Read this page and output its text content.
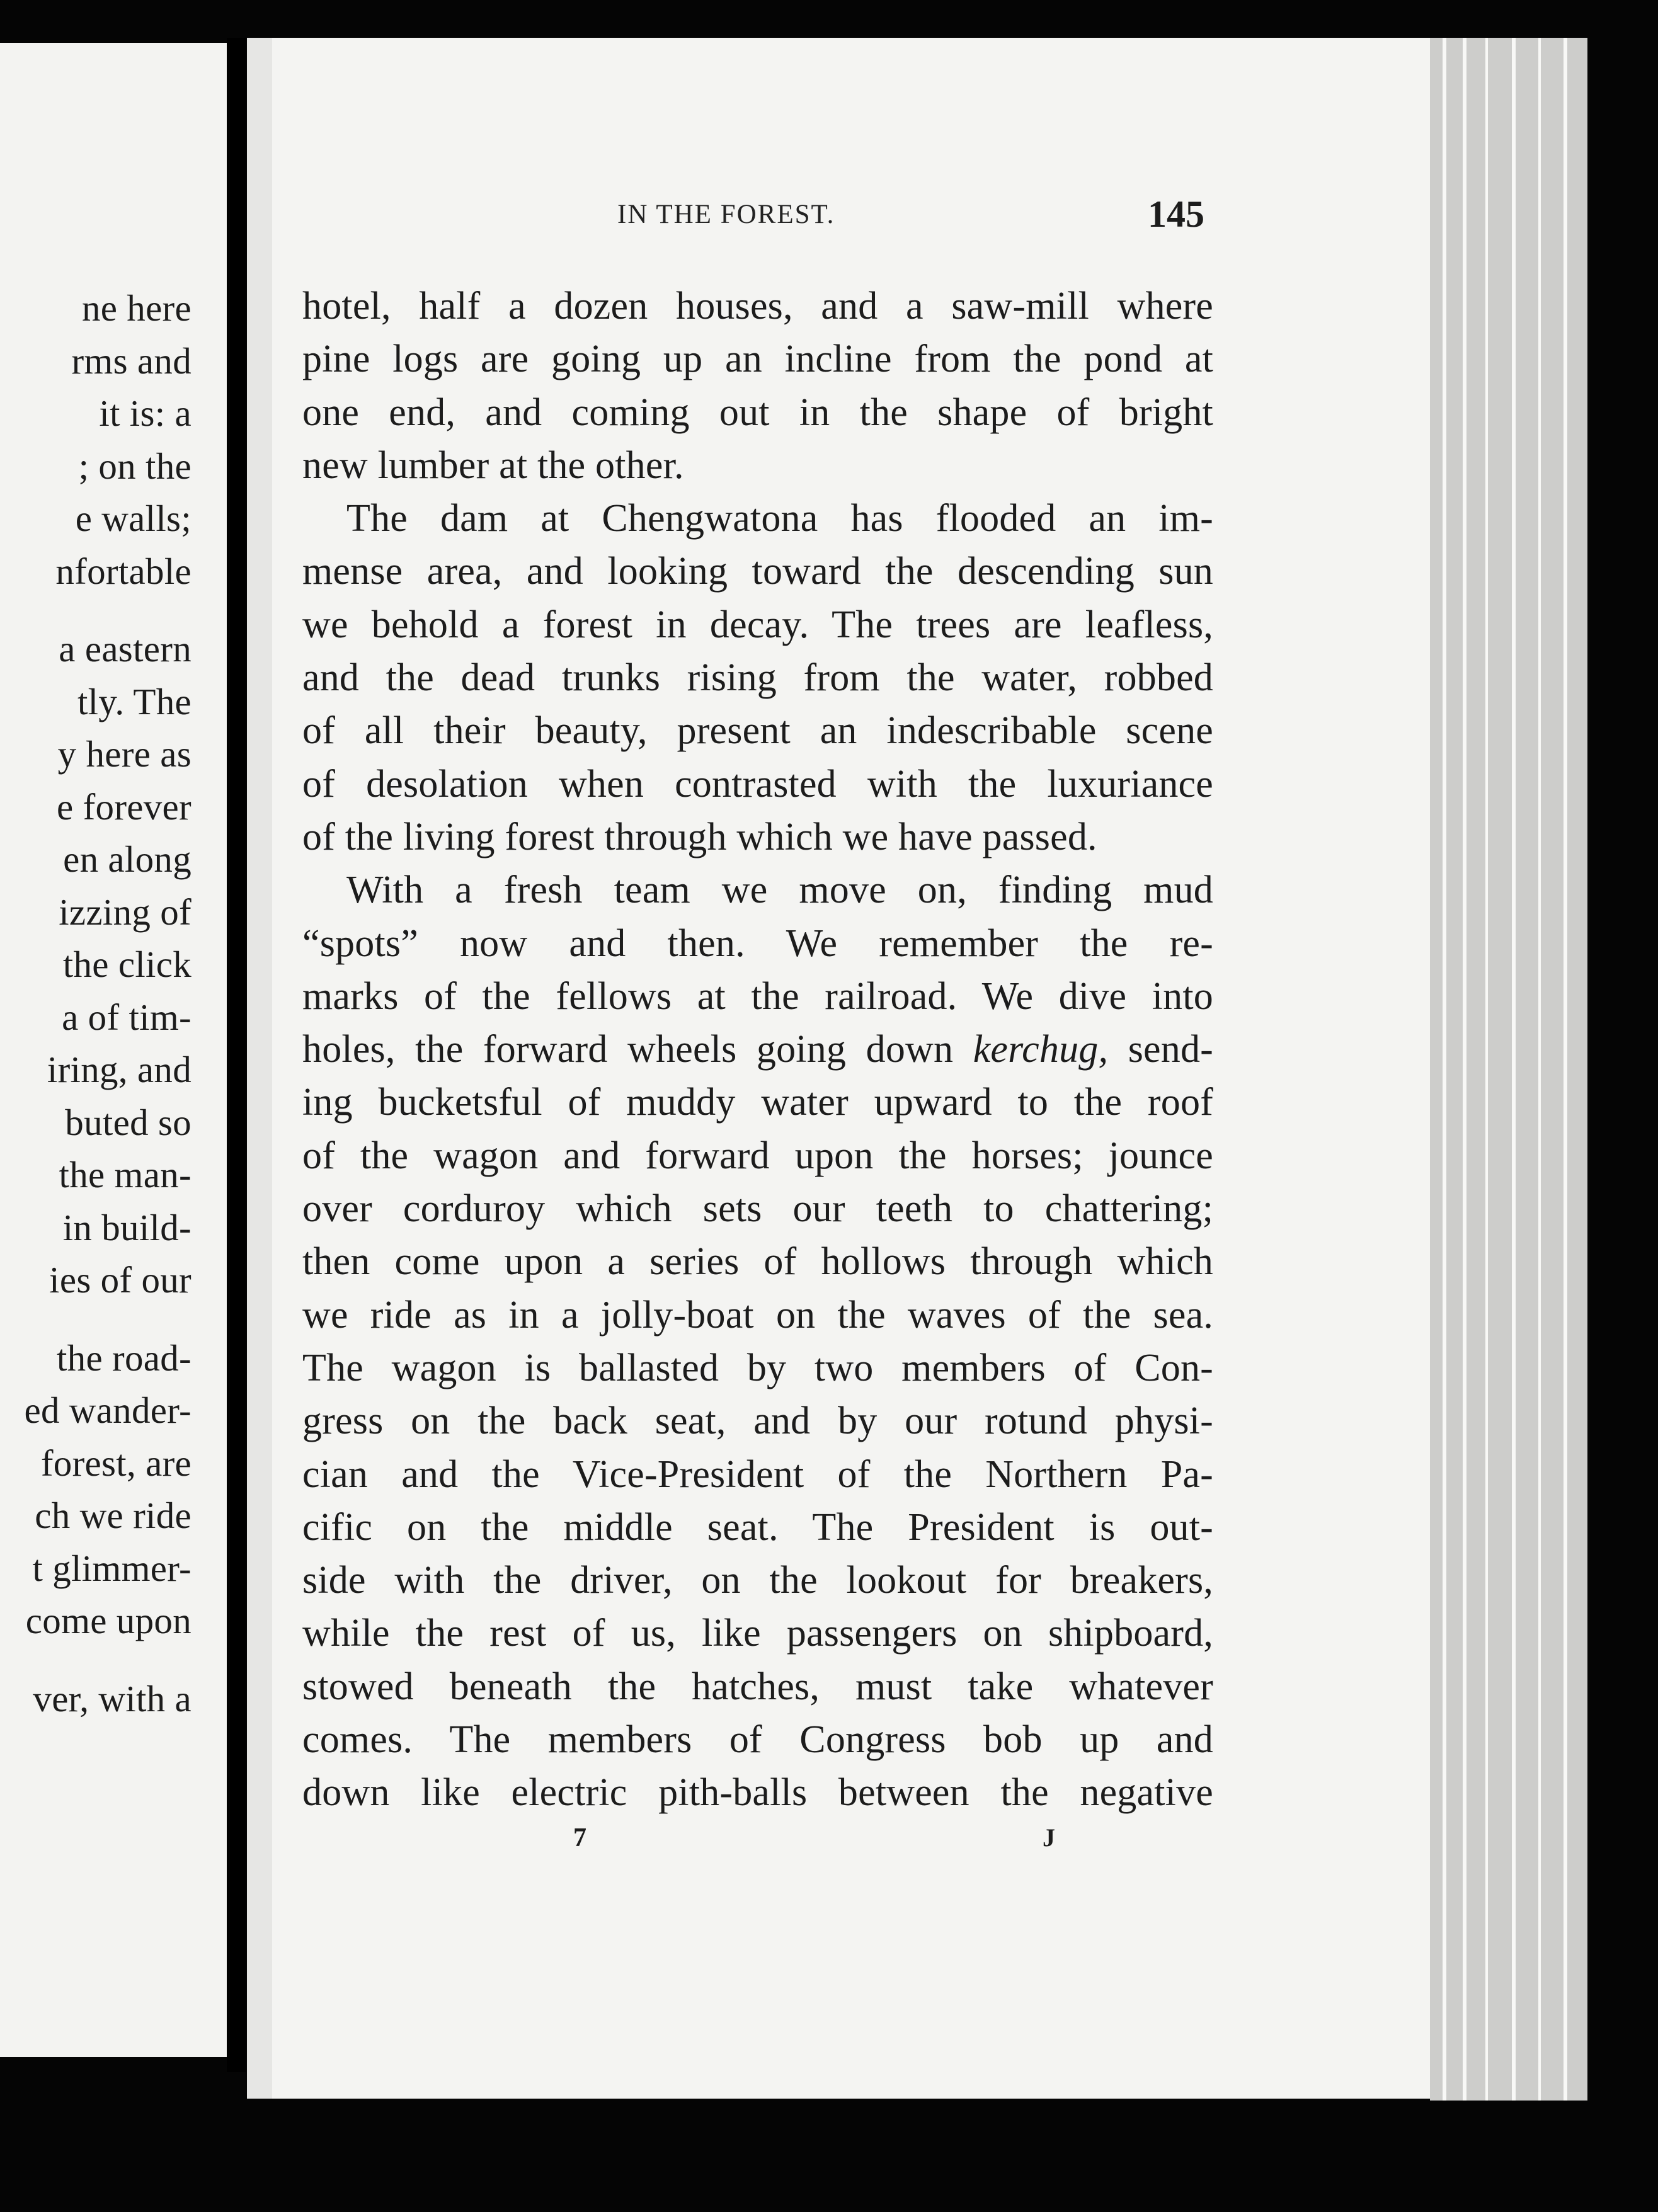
ne here
rms and
it is: a
; on the
e walls;
nfortable
a eastern
tly. The
y here as
e forever
en along
izzing of
the click
a of tim-
iring, and
buted so
the man-
in build-
ies of our
the road-
ed wander-
forest, are
ch we ride
t glimmer-
come upon
ver, with a
IN THE FOREST.	145
hotel, half a dozen houses, and a saw-mill where
pine logs are going up an incline from the pond at
one end, and coming out in the shape of bright
new lumber at the other.
The dam at Chengwatona has flooded an im-
mense area, and looking toward the descending sun
we behold a forest in decay. The trees are leafless,
and the dead trunks rising from the water, robbed
of all their beauty, present an indescribable scene
of desolation when contrasted with the luxuriance
of the living forest through which we have passed.
With a fresh team we move on, finding mud
“spots” now and then. We remember the re-
marks of the fellows at the railroad. We dive into
holes, the forward wheels going down kerchug, send-
ing bucketsful of muddy water upward to the roof
of the wagon and forward upon the horses; jounce
over corduroy which sets our teeth to chattering;
then come upon a series of hollows through which
we ride as in a jolly-boat on the waves of the sea.
The wagon is ballasted by two members of Con-
gress on the back seat, and by our rotund physi-
cian and the Vice-President of the Northern Pa-
cific on the middle seat. The President is out-
side with the driver, on the lookout for breakers,
while the rest of us, like passengers on shipboard,
stowed beneath the hatches, must take whatever
comes. The members of Congress bob up and
down like electric pith-balls between the negative
7	J
